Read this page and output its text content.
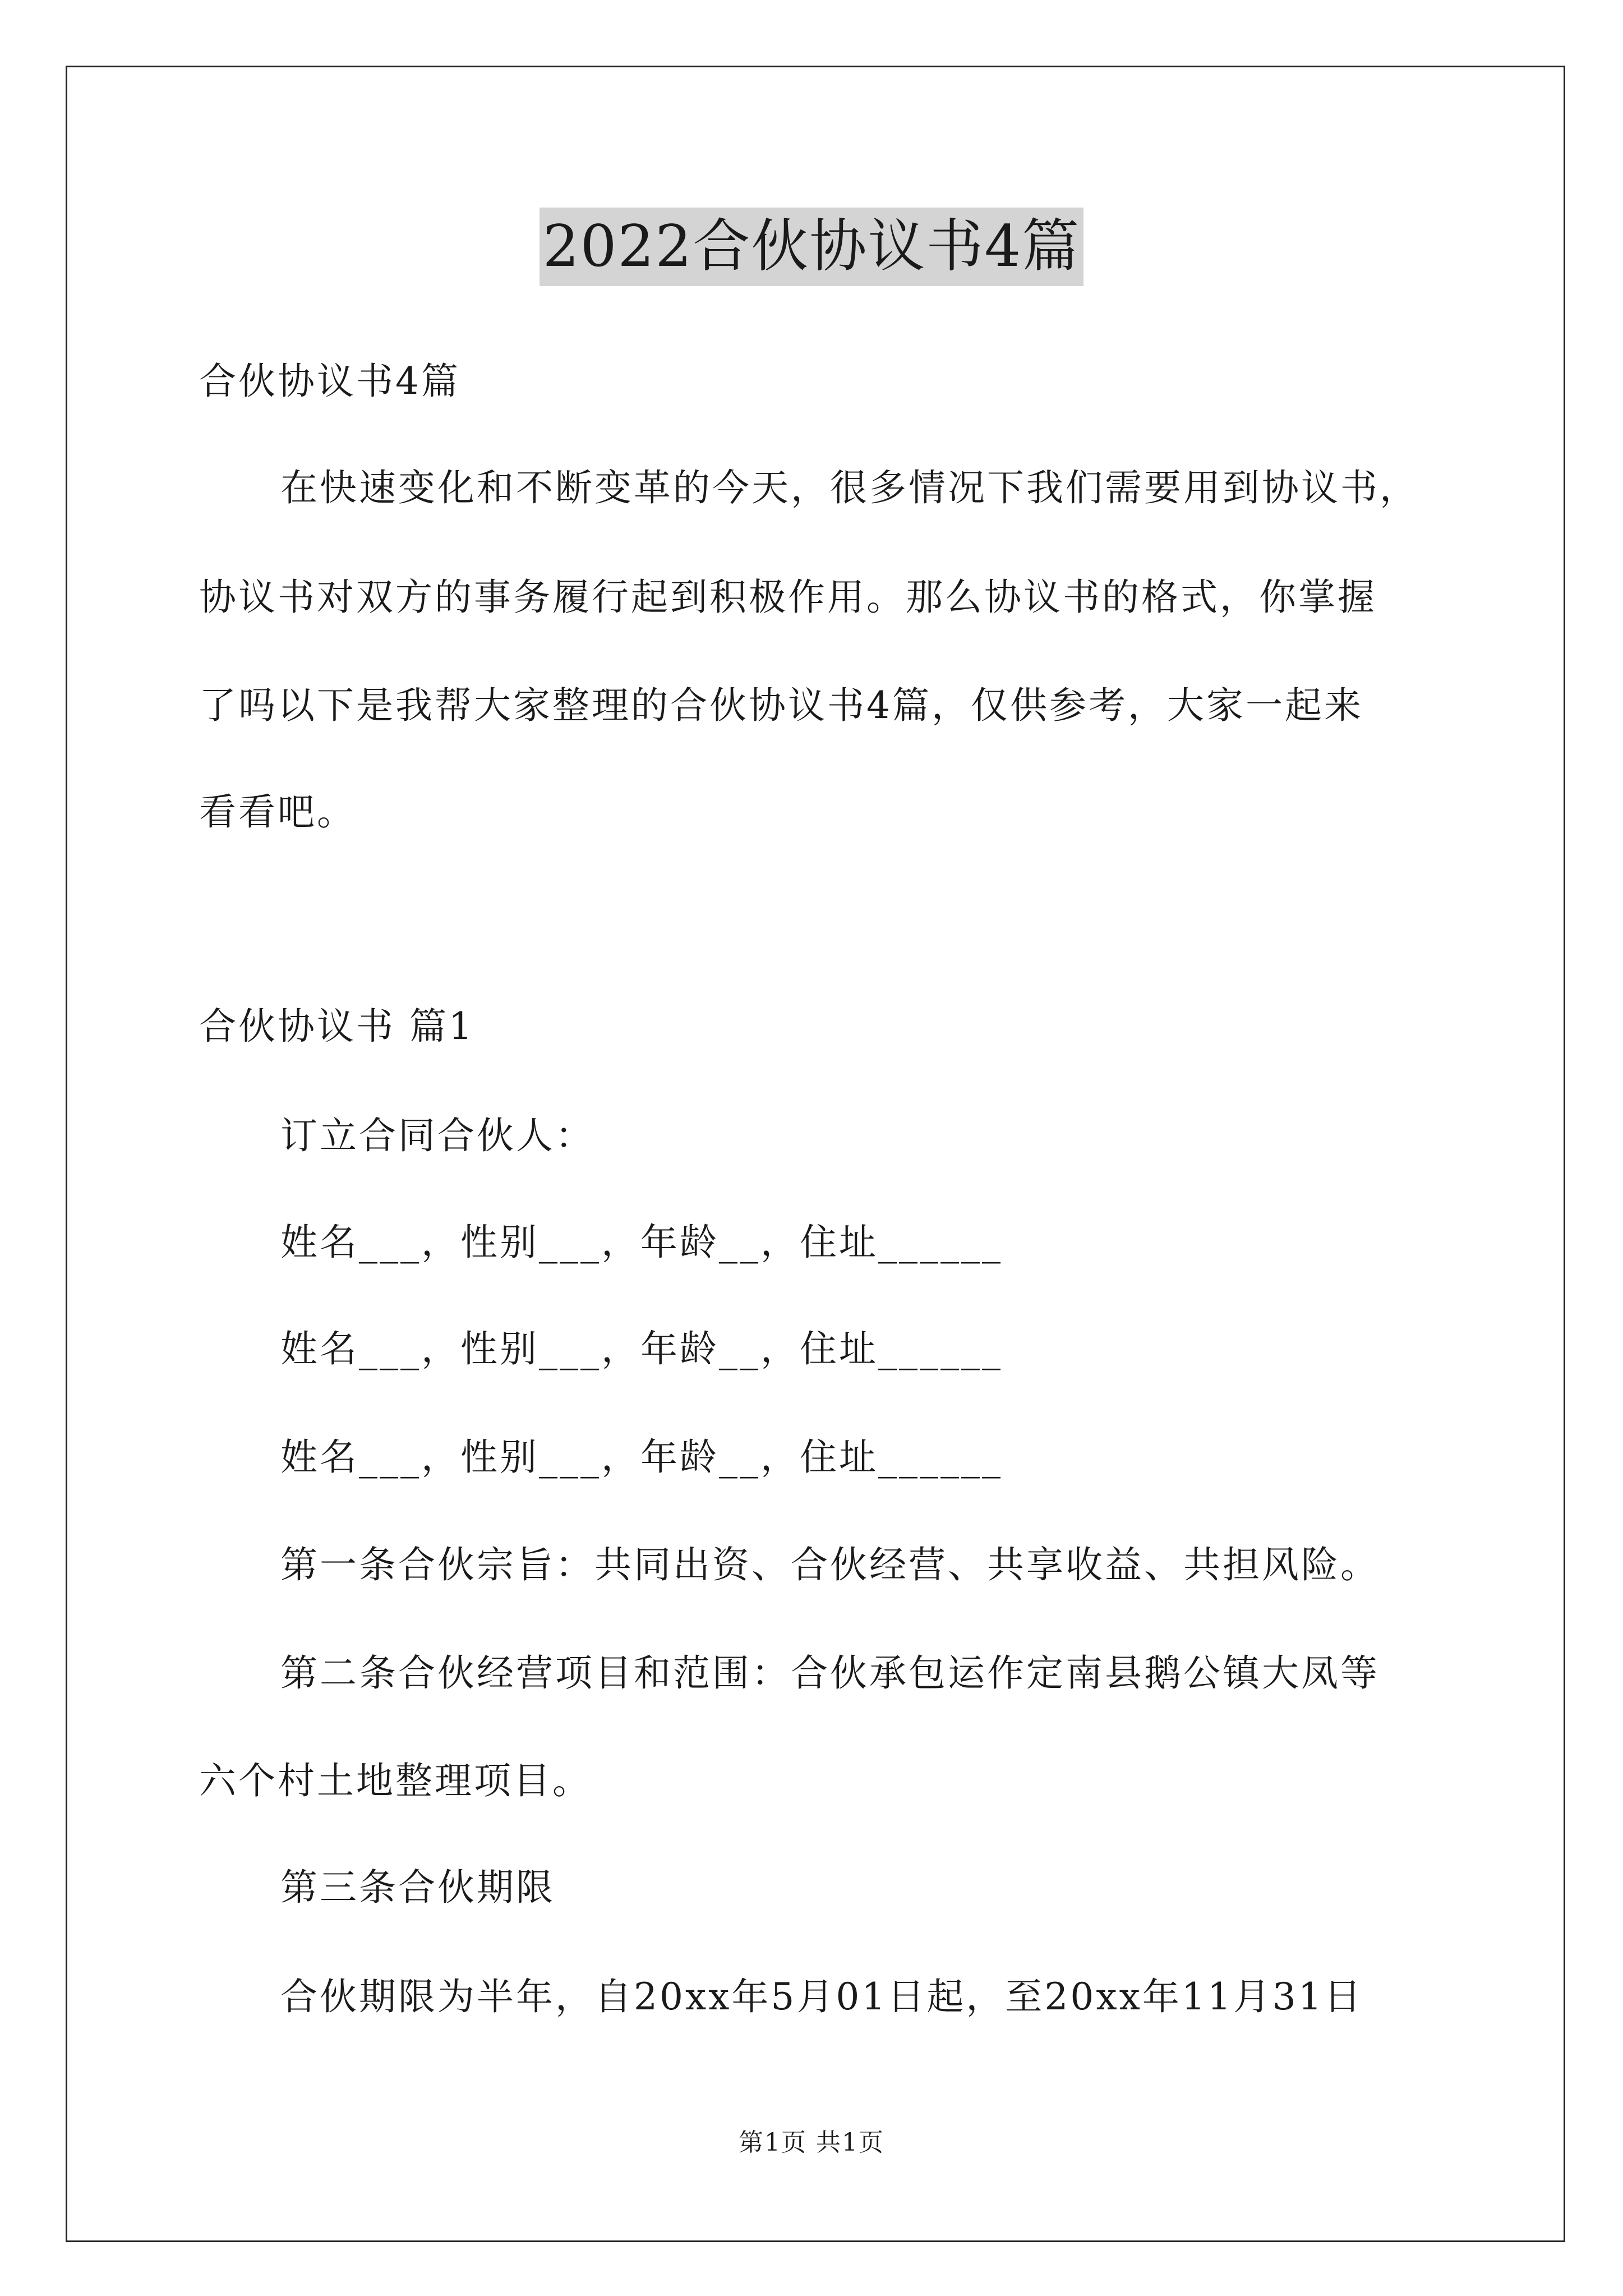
2022合伙协议书4篇
合伙协议书4篇
在快速变化和不断变革的今天，很多情况下我们需要用到协议书，
协议书对双方的事务履行起到积极作用。那么协议书的格式，你掌握
了吗以下是我帮大家整理的合伙协议书4篇，仅供参考，大家一起来
看看吧。
合伙协议书 篇1
订立合同合伙人：
姓名___，性别___，年龄__，住址______
姓名___，性别___，年龄__，住址______
姓名___，性别___，年龄__，住址______
第一条合伙宗旨：共同出资、合伙经营、共享收益、共担风险。
第二条合伙经营项目和范围：合伙承包运作定南县鹅公镇大凤等
六个村土地整理项目。
第三条合伙期限
合伙期限为半年，自20xx年5月01日起，至20xx年11月31日
第1页 共1页
